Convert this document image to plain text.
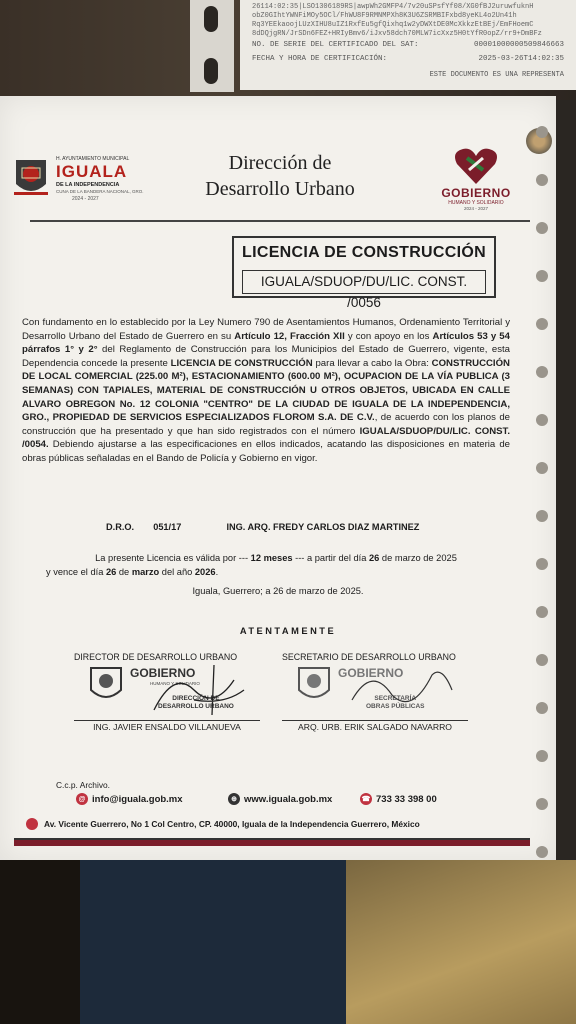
26114:02:35|LSO1306189RS|awpWh2GMFP4/7v20uSPsfYf08/XG0fBJ2uruwfuknH
obZ0GIhtYWNFiMOy5OCl/FhWU8F9RMNMPXh8K3U6ZSRMBIFxbd8yeKL4o2Un41h
Rq3YEEkaoojLUzXIHU8uIZ1RxfEu5gfQixhq1w2yDWXtDE0McXkkzEtBEj/EmFHoemC
8dDQjgRN/JrSDn6FEZ+HRIyBmv6/iJxv58dch70MLW7icXxz5H0tYfR0opZ/rr9+DmBFz
NO. DE SERIE DEL CERTIFICADO DEL SAT:	00001000000509846663
FECHA Y HORA DE CERTIFICACIÓN:	2025-03-26T14:02:35
ESTE DOCUMENTO ES UNA REPRESENTA
H. AYUNTAMIENTO MUNICIPAL
IGUALA
DE LA INDEPENDENCIA
CUNA DE LA BANDERA NACIONAL, GRO.
2024 - 2027
Dirección de
Desarrollo Urbano	GOBIERNO
HUMANO Y SOLIDARIO
2024 - 2027
LICENCIA DE CONSTRUCCIÓN
IGUALA/SDUOP/DU/LIC. CONST. /0056
Con fundamento en lo establecido por la Ley Numero 790 de Asentamientos Humanos, Ordenamiento Territorial y Desarrollo Urbano del Estado de Guerrero en su Artículo 12, Fracción XII y con apoyo en los Artículos 53 y 54 párrafos 1° y 2° del Reglamento de Construcción para los Municipios del Estado de Guerrero, vigente, esta Dependencia concede la presente LICENCIA DE CONSTRUCCIÓN para llevar a cabo la Obra: CONSTRUCCIÓN DE LOCAL COMERCIAL (225.00 M²), ESTACIONAMIENTO (600.00 M²), OCUPACION DE LA VÍA PUBLICA (3 SEMANAS) CON TAPIALES, MATERIAL DE CONSTRUCCIÓN U OTROS OBJETOS, UBICADA EN CALLE ALVARO OBREGON No. 12 COLONIA "CENTRO" DE LA CIUDAD DE IGUALA DE LA INDEPENDENCIA, GRO., PROPIEDAD DE SERVICIOS ESPECIALIZADOS FLOROM S.A. DE C.V., de acuerdo con los planos de construcción que ha presentado y que han sido registrados con el número IGUALA/SDUOP/DU/LIC. CONST. /0054. Debiendo ajustarse a las especificaciones en ellos indicados, acatando las disposiciones en materia de obras públicas señaladas en el Bando de Policía y Gobierno en vigor.
D.R.O. 051/17	ING. ARQ. FREDY CARLOS DIAZ MARTINEZ
La presente Licencia es válida por --- 12 meses --- a partir del día 26 de marzo de 2025
y vence el día 26 de marzo del año 2026.
Iguala, Guerrero; a 26 de marzo de 2025.
ATENTAMENTE
DIRECTOR DE DESARROLLO URBANO
GOBIERNO
HUMANO Y SOLIDARIO
DIRECCIÓN DE
DESARROLLO URBANO
ING. JAVIER ENSALDO VILLANUEVA
SECRETARIO DE DESARROLLO URBANO
GOBIERNO
SECRETARÍA
OBRAS PÚBLICAS
ARQ. URB. ERIK SALGADO NAVARRO
C.c.p. Archivo.
@ info@iguala.gob.mx	⊕ www.iguala.gob.mx	☎ 733 33 398 00
Av. Vicente Guerrero, No 1 Col Centro, CP. 40000, Iguala de la Independencia Guerrero, México
